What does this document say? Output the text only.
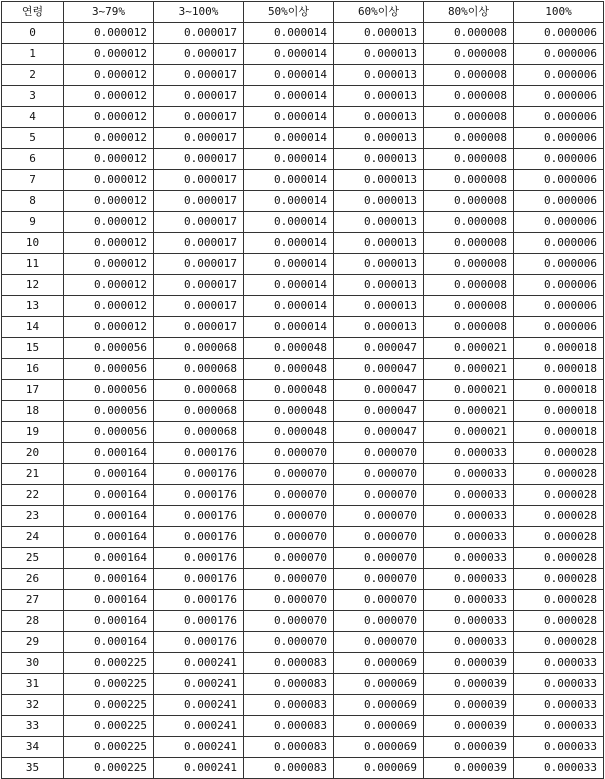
연령	3~79%	3~100%	50%이상	60%이상	80%이상	100%
0	0.000012	0.000017	0.000014	0.000013	0.000008	0.000006
1	0.000012	0.000017	0.000014	0.000013	0.000008	0.000006
2	0.000012	0.000017	0.000014	0.000013	0.000008	0.000006
3	0.000012	0.000017	0.000014	0.000013	0.000008	0.000006
4	0.000012	0.000017	0.000014	0.000013	0.000008	0.000006
5	0.000012	0.000017	0.000014	0.000013	0.000008	0.000006
6	0.000012	0.000017	0.000014	0.000013	0.000008	0.000006
7	0.000012	0.000017	0.000014	0.000013	0.000008	0.000006
8	0.000012	0.000017	0.000014	0.000013	0.000008	0.000006
9	0.000012	0.000017	0.000014	0.000013	0.000008	0.000006
10	0.000012	0.000017	0.000014	0.000013	0.000008	0.000006
11	0.000012	0.000017	0.000014	0.000013	0.000008	0.000006
12	0.000012	0.000017	0.000014	0.000013	0.000008	0.000006
13	0.000012	0.000017	0.000014	0.000013	0.000008	0.000006
14	0.000012	0.000017	0.000014	0.000013	0.000008	0.000006
15	0.000056	0.000068	0.000048	0.000047	0.000021	0.000018
16	0.000056	0.000068	0.000048	0.000047	0.000021	0.000018
17	0.000056	0.000068	0.000048	0.000047	0.000021	0.000018
18	0.000056	0.000068	0.000048	0.000047	0.000021	0.000018
19	0.000056	0.000068	0.000048	0.000047	0.000021	0.000018
20	0.000164	0.000176	0.000070	0.000070	0.000033	0.000028
21	0.000164	0.000176	0.000070	0.000070	0.000033	0.000028
22	0.000164	0.000176	0.000070	0.000070	0.000033	0.000028
23	0.000164	0.000176	0.000070	0.000070	0.000033	0.000028
24	0.000164	0.000176	0.000070	0.000070	0.000033	0.000028
25	0.000164	0.000176	0.000070	0.000070	0.000033	0.000028
26	0.000164	0.000176	0.000070	0.000070	0.000033	0.000028
27	0.000164	0.000176	0.000070	0.000070	0.000033	0.000028
28	0.000164	0.000176	0.000070	0.000070	0.000033	0.000028
29	0.000164	0.000176	0.000070	0.000070	0.000033	0.000028
30	0.000225	0.000241	0.000083	0.000069	0.000039	0.000033
31	0.000225	0.000241	0.000083	0.000069	0.000039	0.000033
32	0.000225	0.000241	0.000083	0.000069	0.000039	0.000033
33	0.000225	0.000241	0.000083	0.000069	0.000039	0.000033
34	0.000225	0.000241	0.000083	0.000069	0.000039	0.000033
35	0.000225	0.000241	0.000083	0.000069	0.000039	0.000033
